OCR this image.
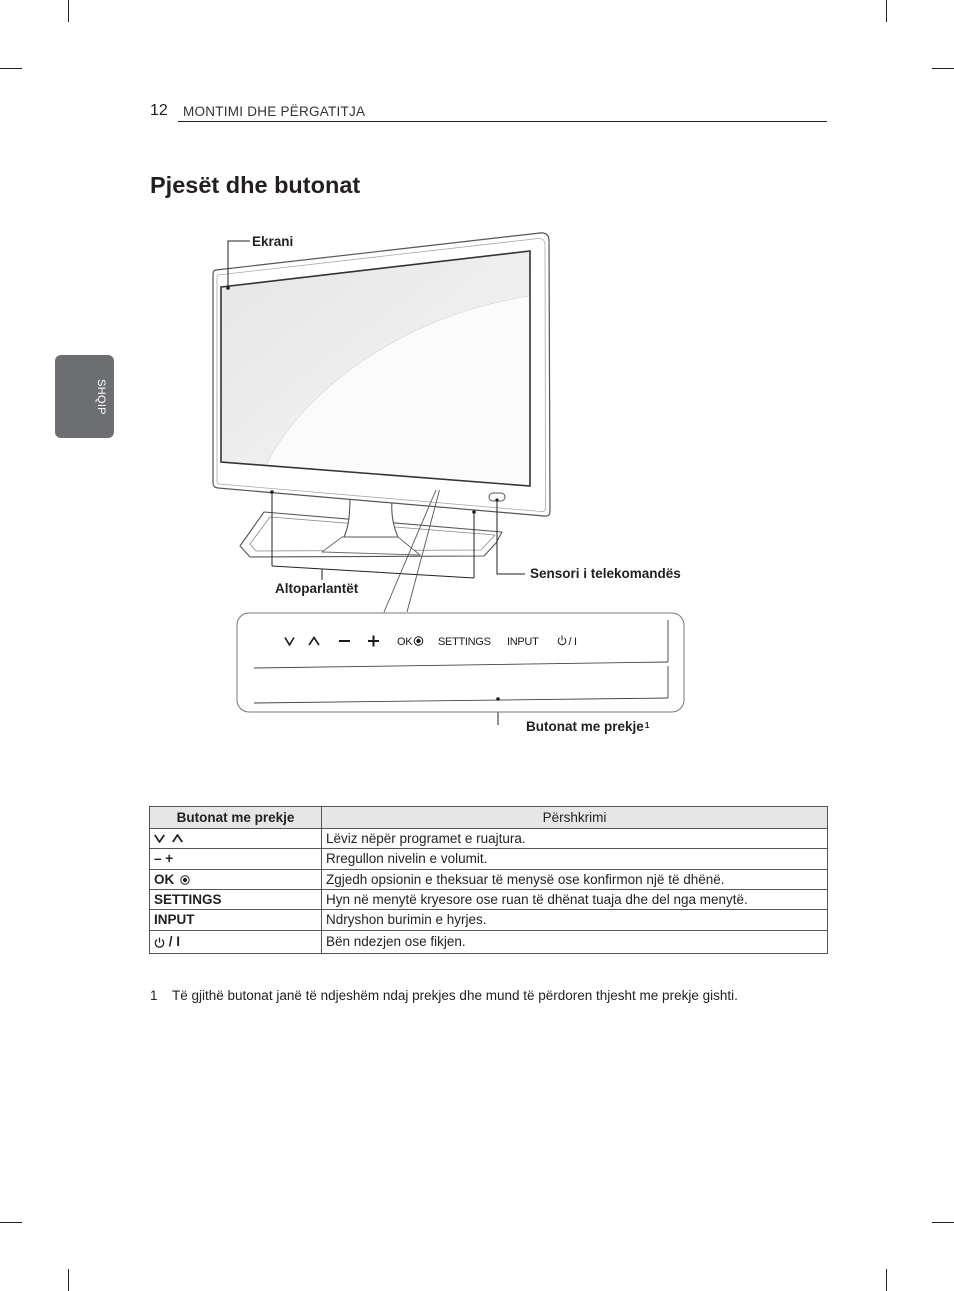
12 MONTIMI DHE PËRGATITJA
SHQIP
Pjesët dhe butonat
OK SETTINGS INPUT	/ I
Ekrani
Altoparlantët
Sensori i telekomandës
Butonat me prekje$^1$
Butonat me prekje	Përshkrimi
	Lëviz nëpër programet e ruajtura.
– +	Rregullon nivelin e volumit.
OK	Zgjedh opsionin e theksuar të menysë ose konfirmon një të dhënë.
SETTINGS	Hyn në menytë kryesore ose ruan të dhënat tuaja dhe del nga menytë.
INPUT	Ndryshon burimin e hyrjes.
/ I	Bën ndezjen ose fikjen.
1 Të gjithë butonat janë të ndjeshëm ndaj prekjes dhe mund të përdoren thjesht me prekje gishti.
